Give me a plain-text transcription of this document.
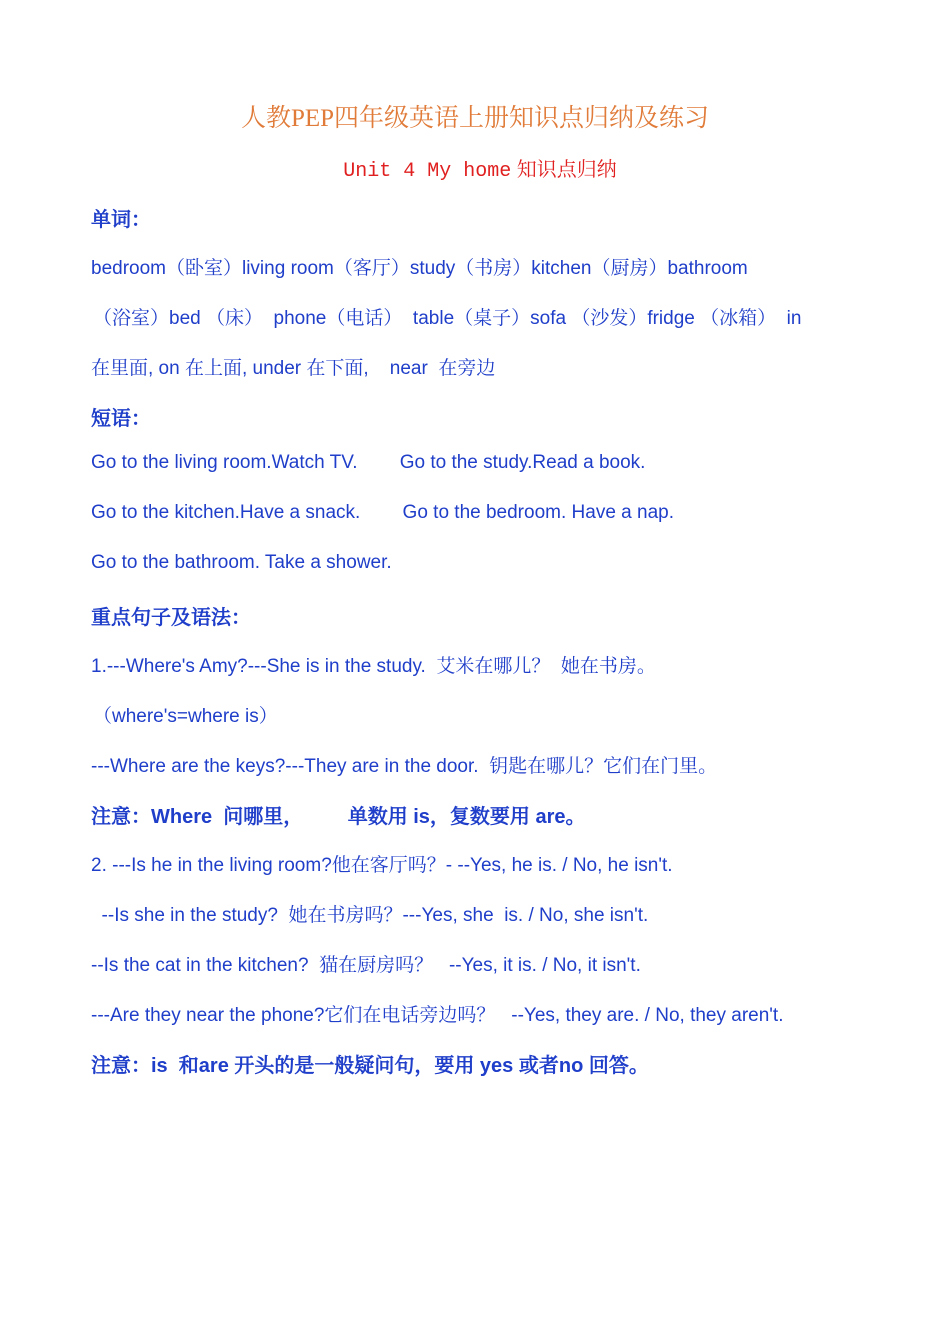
人教PEP四年级英语上册知识点归纳及练习
Unit 4 My home 知识点归纳
单词：
bedroom（卧室）living room（客厅）study（书房）kitchen（厨房）bathroom
（浴室）bed （床）  phone（电话）  table（桌子）sofa （沙发）fridge （冰箱）  in
在里面, on 在上面, under 在下面,    near  在旁边
短语：
Go to the living room.Watch TV.        Go to the study.Read a book.
Go to the kitchen.Have a snack.        Go to the bedroom. Have a nap.
Go to the bathroom. Take a shower.
重点句子及语法：
1.---Where's Amy?---She is in the study.  艾米在哪儿？  她在书房。
（where's=where is）
---Where are the keys?---They are in the door.  钥匙在哪儿？它们在门里。
注意：Where  问哪里，        单数用 is，复数要用 are。
2. ---Is he in the living room?他在客厅吗？- --Yes, he is. / No, he isn't.
--Is she in the study?  她在书房吗？---Yes, she  is. / No, she isn't.
--Is the cat in the kitchen?  猫在厨房吗？   --Yes, it is. / No, it isn't.
---Are they near the phone?它们在电话旁边吗？   --Yes, they are. / No, they aren't.
注意：is  和are 开头的是一般疑问句，要用 yes 或者no 回答。
